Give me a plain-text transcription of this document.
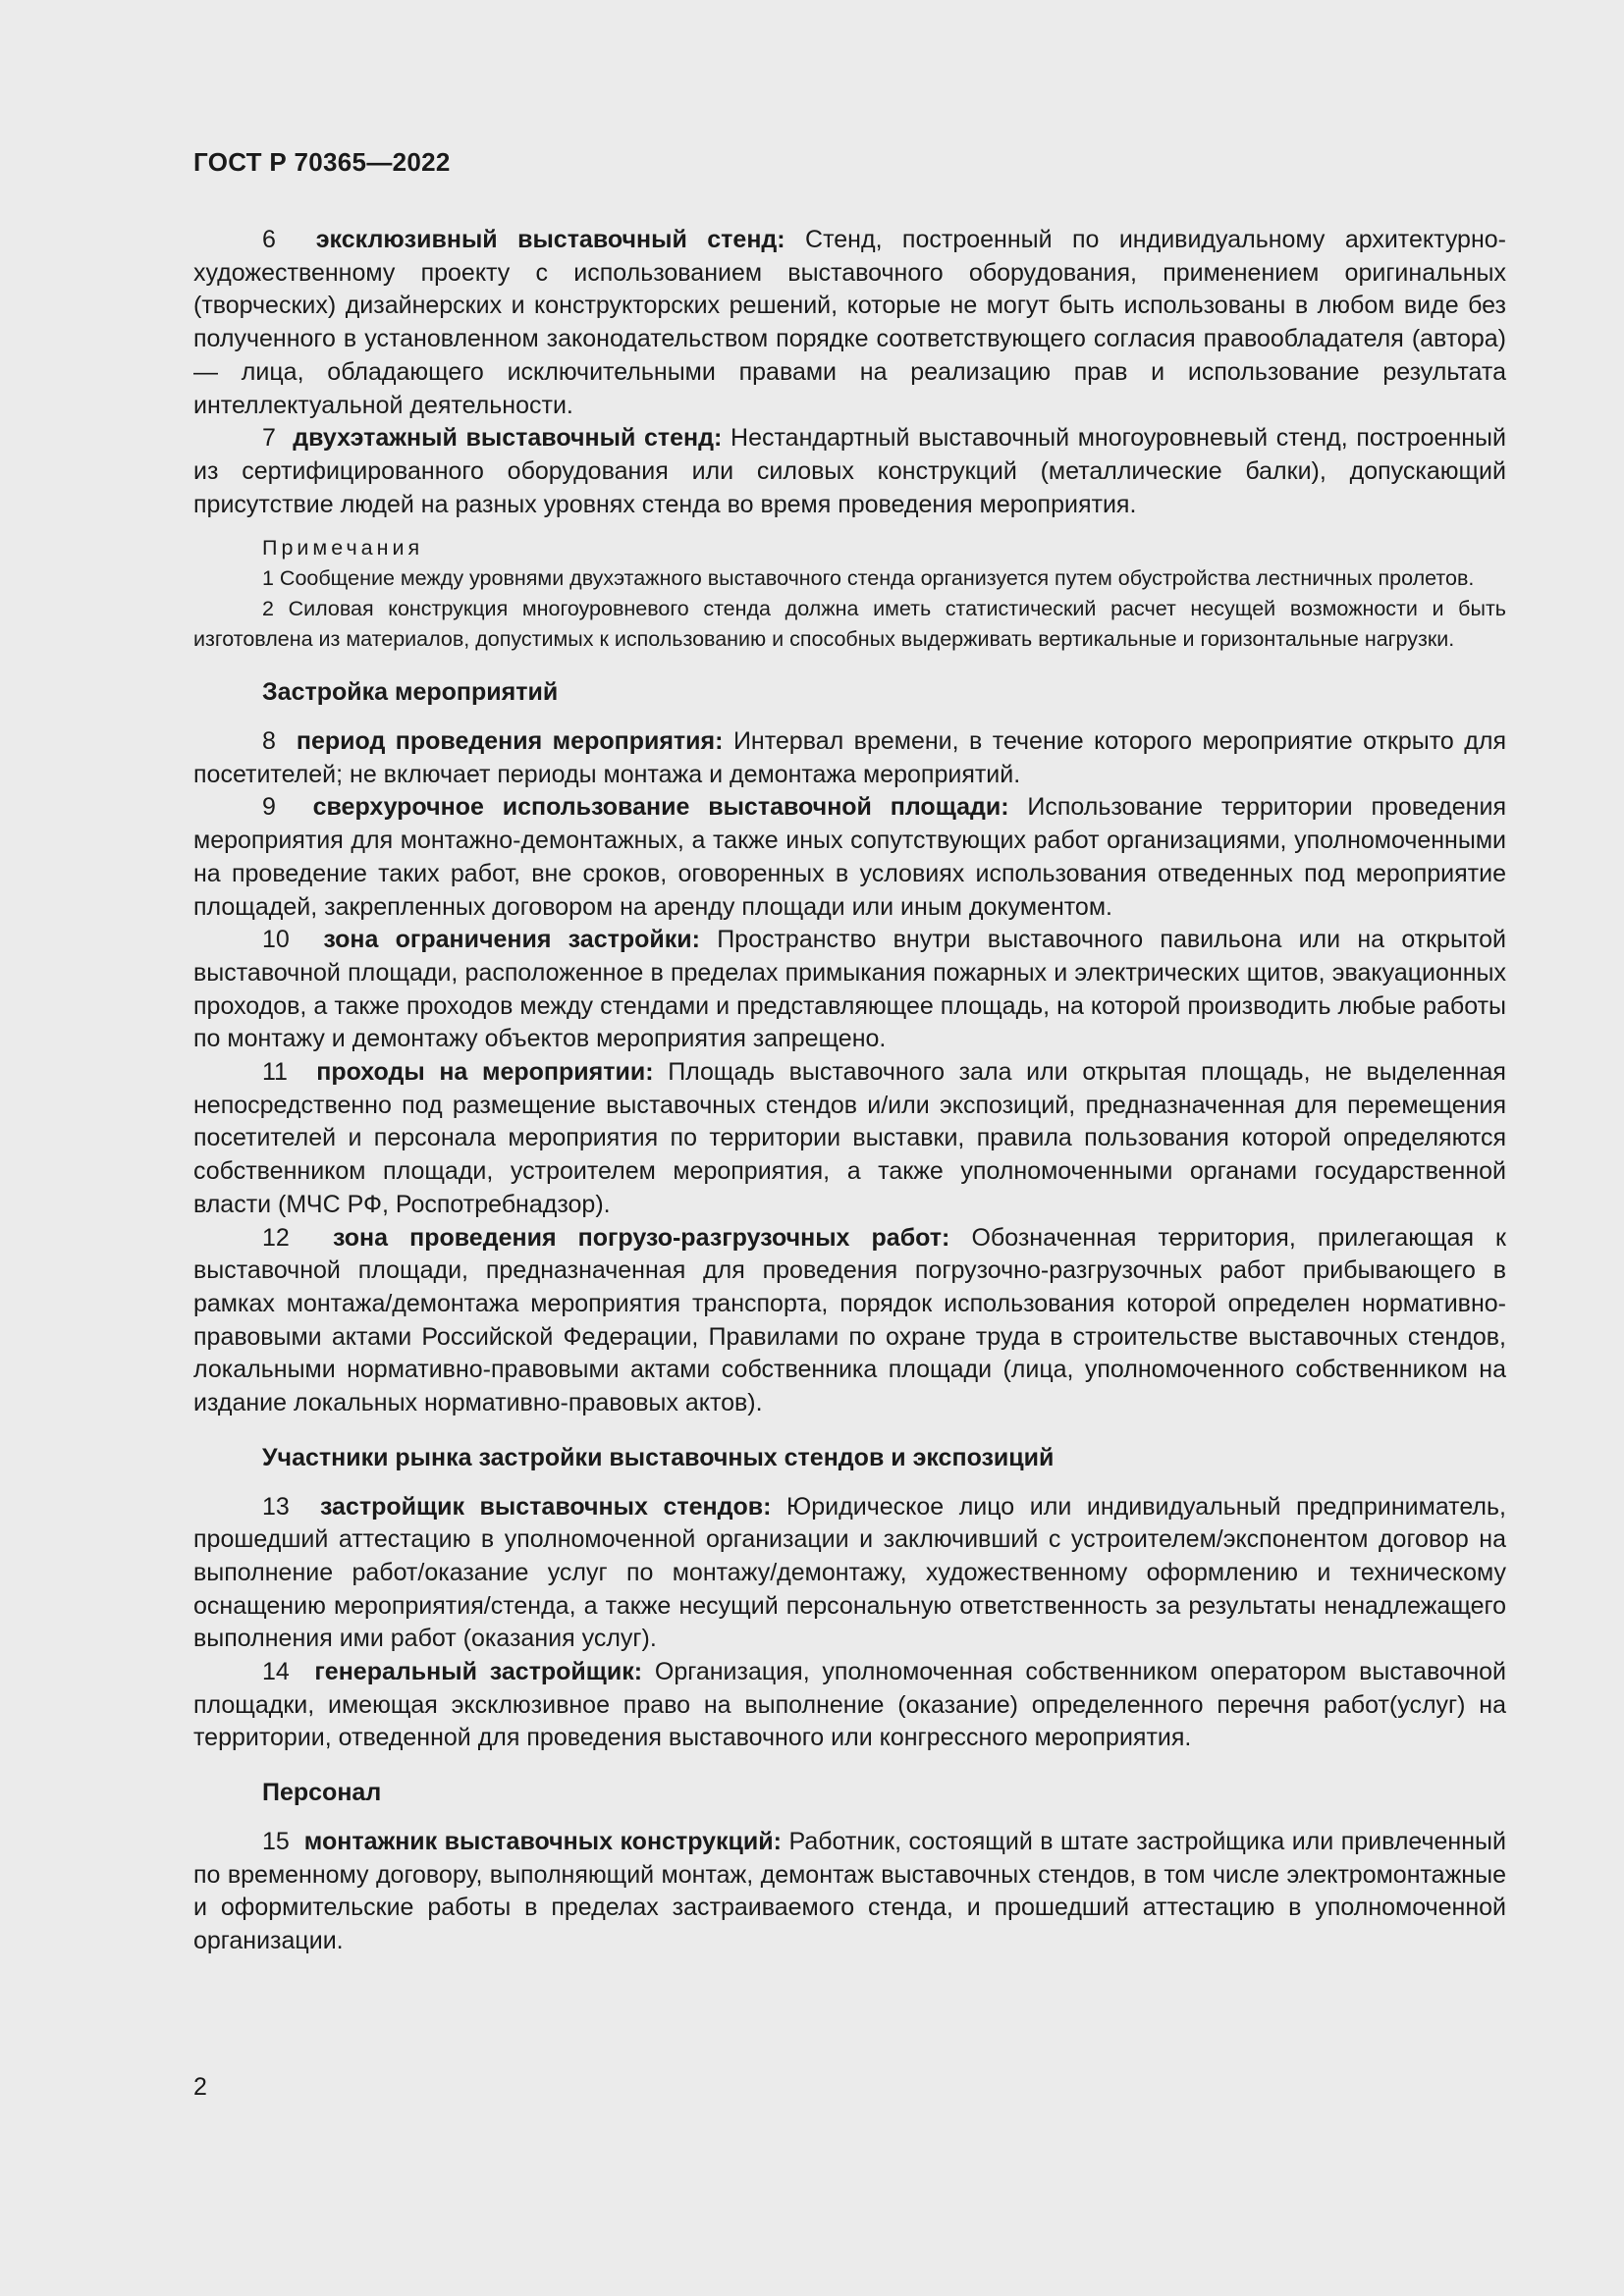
ГОСТ Р 70365—2022

6 эксклюзивный выставочный стенд: Стенд, построенный по индивидуальному архитектурно-художественному проекту с использованием выставочного оборудования, применением оригинальных (творческих) дизайнерских и конструкторских решений, которые не могут быть использованы в любом виде без полученного в установленном законодательством порядке соответствующего согласия правообладателя (автора) — лица, обладающего исключительными правами на реализацию прав и использование результата интеллектуальной деятельности.

7 двухэтажный выставочный стенд: Нестандартный выставочный многоуровневый стенд, построенный из сертифицированного оборудования или силовых конструкций (металлические балки), допускающий присутствие людей на разных уровнях стенда во время проведения мероприятия.

Примечания

1 Сообщение между уровнями двухэтажного выставочного стенда организуется путем обустройства лестничных пролетов.

2 Силовая конструкция многоуровневого стенда должна иметь статистический расчет несущей возможности и быть изготовлена из материалов, допустимых к использованию и способных выдерживать вертикальные и горизонтальные нагрузки.

Застройка мероприятий

8 период проведения мероприятия: Интервал времени, в течение которого мероприятие открыто для посетителей; не включает периоды монтажа и демонтажа мероприятий.

9 сверхурочное использование выставочной площади: Использование территории проведения мероприятия для монтажно-демонтажных, а также иных сопутствующих работ организациями, уполномоченными на проведение таких работ, вне сроков, оговоренных в условиях использования отведенных под мероприятие площадей, закрепленных договором на аренду площади или иным документом.

10 зона ограничения застройки: Пространство внутри выставочного павильона или на открытой выставочной площади, расположенное в пределах примыкания пожарных и электрических щитов, эвакуационных проходов, а также проходов между стендами и представляющее площадь, на которой производить любые работы по монтажу и демонтажу объектов мероприятия запрещено.

11 проходы на мероприятии: Площадь выставочного зала или открытая площадь, не выделенная непосредственно под размещение выставочных стендов и/или экспозиций, предназначенная для перемещения посетителей и персонала мероприятия по территории выставки, правила пользования которой определяются собственником площади, устроителем мероприятия, а также уполномоченными органами государственной власти (МЧС РФ, Роспотребнадзор).

12 зона проведения погрузо-разгрузочных работ: Обозначенная территория, прилегающая к выставочной площади, предназначенная для проведения погрузочно-разгрузочных работ прибывающего в рамках монтажа/демонтажа мероприятия транспорта, порядок использования которой определен нормативно-правовыми актами Российской Федерации, Правилами по охране труда в строительстве выставочных стендов, локальными нормативно-правовыми актами собственника площади (лица, уполномоченного собственником на издание локальных нормативно-правовых актов).

Участники рынка застройки выставочных стендов и экспозиций

13 застройщик выставочных стендов: Юридическое лицо или индивидуальный предприниматель, прошедший аттестацию в уполномоченной организации и заключивший с устроителем/экспонентом договор на выполнение работ/оказание услуг по монтажу/демонтажу, художественному оформлению и техническому оснащению мероприятия/стенда, а также несущий персональную ответственность за результаты ненадлежащего выполнения ими работ (оказания услуг).

14 генеральный застройщик: Организация, уполномоченная собственником оператором выставочной площадки, имеющая эксклюзивное право на выполнение (оказание) определенного перечня работ(услуг) на территории, отведенной для проведения выставочного или конгрессного мероприятия.

Персонал

15 монтажник выставочных конструкций: Работник, состоящий в штате застройщика или привлеченный по временному договору, выполняющий монтаж, демонтаж выставочных стендов, в том числе электромонтажные и оформительские работы в пределах застраиваемого стенда, и прошедший аттестацию в уполномоченной организации.

2
